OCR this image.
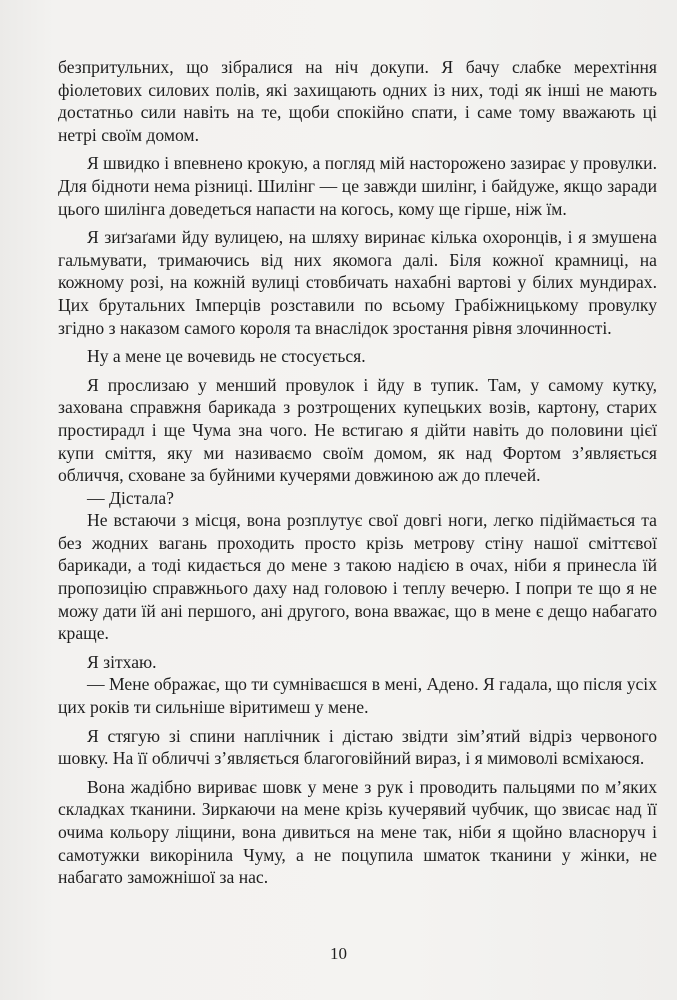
безпритульних, що зібралися на ніч докупи. Я бачу слабке мерехтіння фіолетових силових полів, які захищають одних із них, тоді як інші не мають достатньо сили навіть на те, щоби спокійно спати, і саме тому вважають ці нетрі своїм домом.

Я швидко і впевнено крокую, а погляд мій насторожено зазирає у провулки. Для бідноти нема різниці. Шилінг — це завжди шилінг, і байдуже, якщо заради цього шилінга доведеться напасти на когось, кому ще гірше, ніж їм.

Я зиґзаґами йду вулицею, на шляху виринає кілька охоронців, і я змушена гальмувати, тримаючись від них якомога далі. Біля кожної крамниці, на кожному розі, на кожній вулиці стовбичать нахабні вартові у білих мундирах. Цих брутальних Імперців розставили по всьому Грабіжницькому провулку згідно з наказом самого короля та внаслідок зростання рівня злочинності.

Ну а мене це вочевидь не стосується.

Я прослизаю у менший провулок і йду в тупик. Там, у самому кутку, захована справжня барикада з розтрощених купецьких возів, картону, старих простирадл і ще Чума зна чого. Не встигаю я дійти навіть до половини цієї купи сміття, яку ми називаємо своїм домом, як над Фортом з’являється обличчя, сховане за буйними кучерями довжиною аж до плечей.

— Дістала?

Не встаючи з місця, вона розплутує свої довгі ноги, легко підіймається та без жодних вагань проходить просто крізь метрову стіну нашої сміттєвої барикади, а тоді кидається до мене з такою надією в очах, ніби я принесла їй пропозицію справжнього даху над головою і теплу вечерю. І попри те що я не можу дати їй ані першого, ані другого, вона вважає, що в мене є дещо набагато краще.

Я зітхаю.

— Мене ображає, що ти сумніваєшся в мені, Адено. Я гадала, що після усіх цих років ти сильніше віритимеш у мене.

Я стягую зі спини наплічник і дістаю звідти зім’ятий відріз червоного шовку. На її обличчі з’являється благоговійний вираз, і я мимоволі всміхаюся.

Вона жадібно вириває шовк у мене з рук і проводить пальцями по м’яких складках тканини. Зиркаючи на мене крізь кучерявий чубчик, що звисає над її очима кольору ліщини, вона дивиться на мене так, ніби я щойно власноруч і самотужки викорінила Чуму, а не поцупила шматок тканини у жінки, не набагато заможнішої за нас.

10
